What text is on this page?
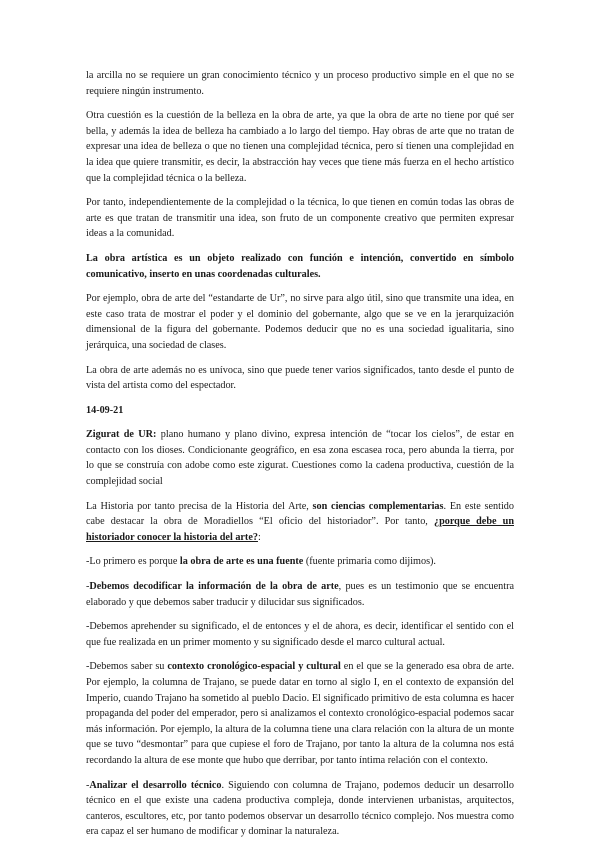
la arcilla no se requiere un gran conocimiento técnico y un proceso productivo simple en el que no se requiere ningún instrumento.

Otra cuestión es la cuestión de la belleza en la obra de arte, ya que la obra de arte no tiene por qué ser bella, y además la idea de belleza ha cambiado a lo largo del tiempo. Hay obras de arte que no tratan de expresar una idea de belleza o que no tienen una complejidad técnica, pero sí tienen una complejidad en la idea que quiere transmitir, es decir, la abstracción hay veces que tiene más fuerza en el hecho artístico que la complejidad técnica o la belleza.

Por tanto, independientemente de la complejidad o la técnica, lo que tienen en común todas las obras de arte es que tratan de transmitir una idea, son fruto de un componente creativo que permiten expresar ideas a la comunidad.

La obra artística es un objeto realizado con función e intención, convertido en símbolo comunicativo, inserto en unas coordenadas culturales.

Por ejemplo, obra de arte del “estandarte de Ur”, no sirve para algo útil, sino que transmite una idea, en este caso trata de mostrar el poder y el dominio del gobernante, algo que se ve en la jerarquización dimensional de la figura del gobernante. Podemos deducir que no es una sociedad igualitaria, sino jerárquica, una sociedad de clases.

La obra de arte además no es unívoca, sino que puede tener varios significados, tanto desde el punto de vista del artista como del espectador.

14-09-21

Zigurat de UR: plano humano y plano divino, expresa intención de “tocar los cielos”, de estar en contacto con los dioses. Condicionante geográfico, en esa zona escasea roca, pero abunda la tierra, por lo que se construía con adobe como este zigurat. Cuestiones como la cadena productiva, cuestión de la complejidad social

La Historia por tanto precisa de la Historia del Arte, son ciencias complementarias. En este sentido cabe destacar la obra de Moradiellos “El oficio del historiador”. Por tanto, ¿porque debe un historiador conocer la historia del arte?:

-Lo primero es porque la obra de arte es una fuente (fuente primaria como dijimos).

-Debemos decodificar la información de la obra de arte, pues es un testimonio que se encuentra elaborado y que debemos saber traducir y dilucidar sus significados.

-Debemos aprehender su significado, el de entonces y el de ahora, es decir, identificar el sentido con el que fue realizada en un primer momento y su significado desde el marco cultural actual.

-Debemos saber su contexto cronológico-espacial y cultural en el que se la generado esa obra de arte. Por ejemplo, la columna de Trajano, se puede datar en torno al siglo I, en el contexto de expansión del Imperio, cuando Trajano ha sometido al pueblo Dacio. El significado primitivo de esta columna es hacer propaganda del poder del emperador, pero si analizamos el contexto cronológico-espacial podemos sacar más información. Por ejemplo, la altura de la columna tiene una clara relación con la altura de un monte que se tuvo “desmontar” para que cupiese el foro de Trajano, por tanto la altura de la columna nos está recordando la altura de ese monte que hubo que derribar, por tanto íntima relación con el contexto.

-Analizar el desarrollo técnico. Siguiendo con columna de Trajano, podemos deducir un desarrollo técnico en el que existe una cadena productiva compleja, donde intervienen urbanistas, arquitectos, canteros, escultores, etc, por tanto podemos observar un desarrollo técnico complejo. Nos muestra como era capaz el ser humano de modificar y dominar la naturaleza.
